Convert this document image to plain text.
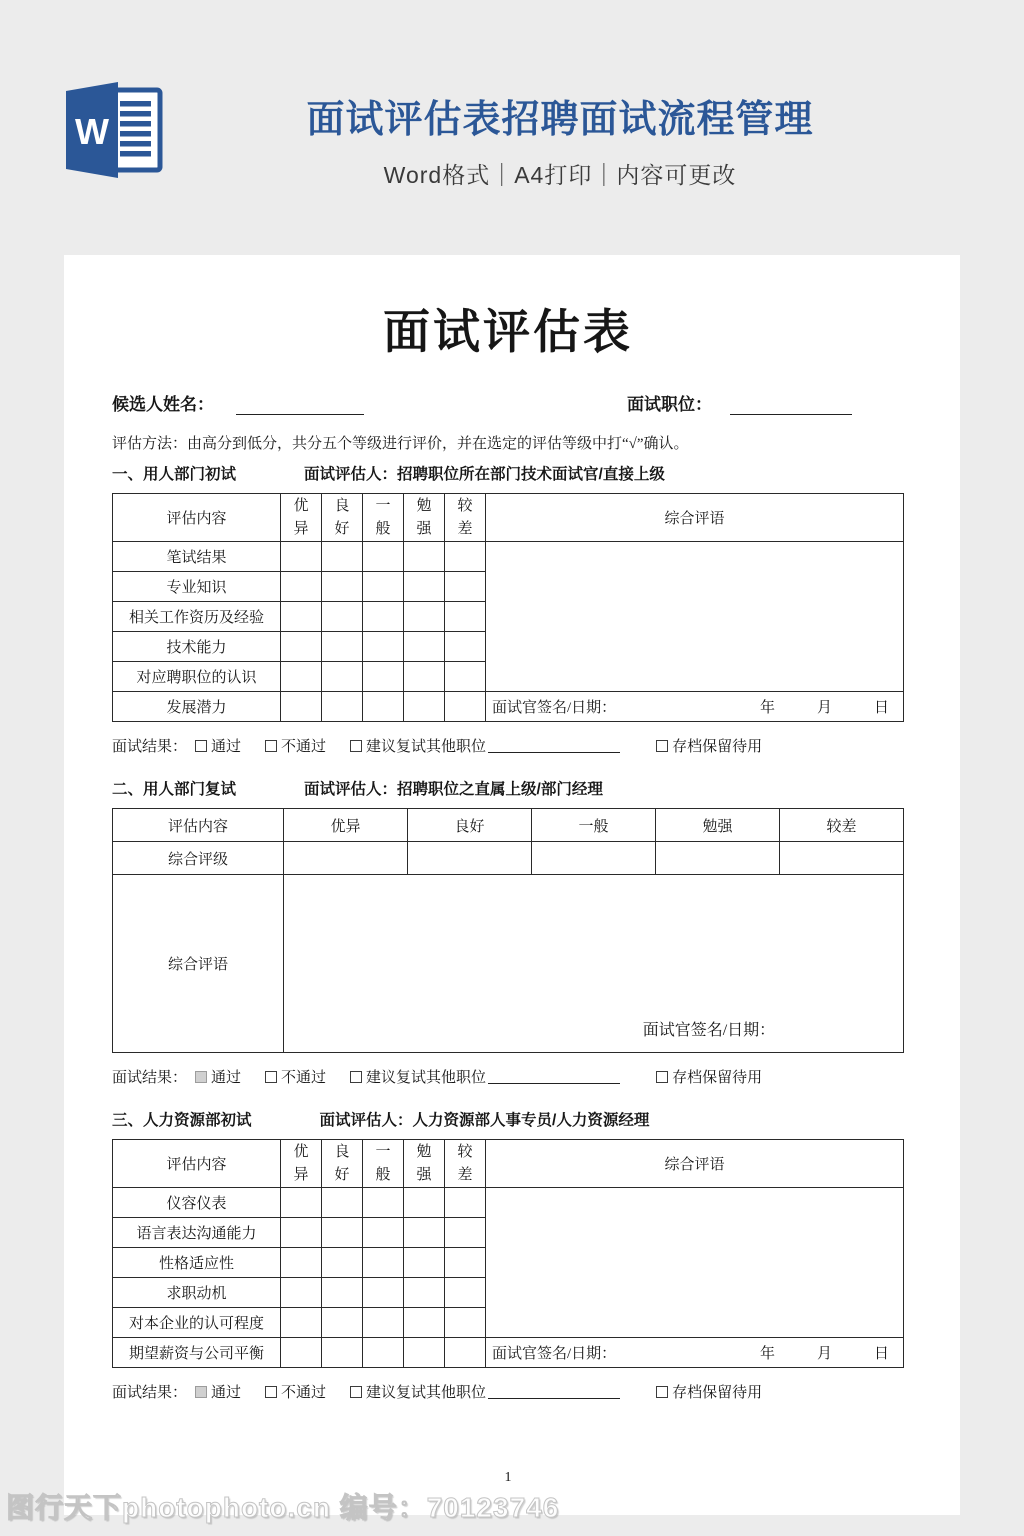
W	面试评估表招聘面试流程管理
Word格式｜A4打印｜内容可更改
面试评估表
候选人姓名：	面试职位：
评估方法：由高分到低分，共分五个等级进行评价，并在选定的评估等级中打“√”确认。
一、用人部门初试	面试评估人：招聘职位所在部门技术面试官/直接上级
评估内容	优异	良好	一般	勉强	较差	综合评语
笔试结果						
专业知识						
相关工作资历及经验						
技术能力						
对应聘职位的认识						
发展潜力						面试官签名/日期： 年 月 日
面试结果： 通过	不通过	建议复试其他职位	存档保留待用
二、用人部门复试	面试评估人：招聘职位之直属上级/部门经理
评估内容	优异	良好	一般	勉强	较差
综合评级					
综合评语	面试官签名/日期：				
面试结果： 通过	不通过	建议复试其他职位	存档保留待用
三、人力资源部初试	面试评估人：人力资源部人事专员/人力资源经理
评估内容	优异	良好	一般	勉强	较差	综合评语
仪容仪表						
语言表达沟通能力						
性格适应性						
求职动机						
对本企业的认可程度						
期望薪资与公司平衡						面试官签名/日期： 年 月 日
面试结果： 通过	不通过	建议复试其他职位	存档保留待用
1
图行天下photophoto.cn 编号：70123746
